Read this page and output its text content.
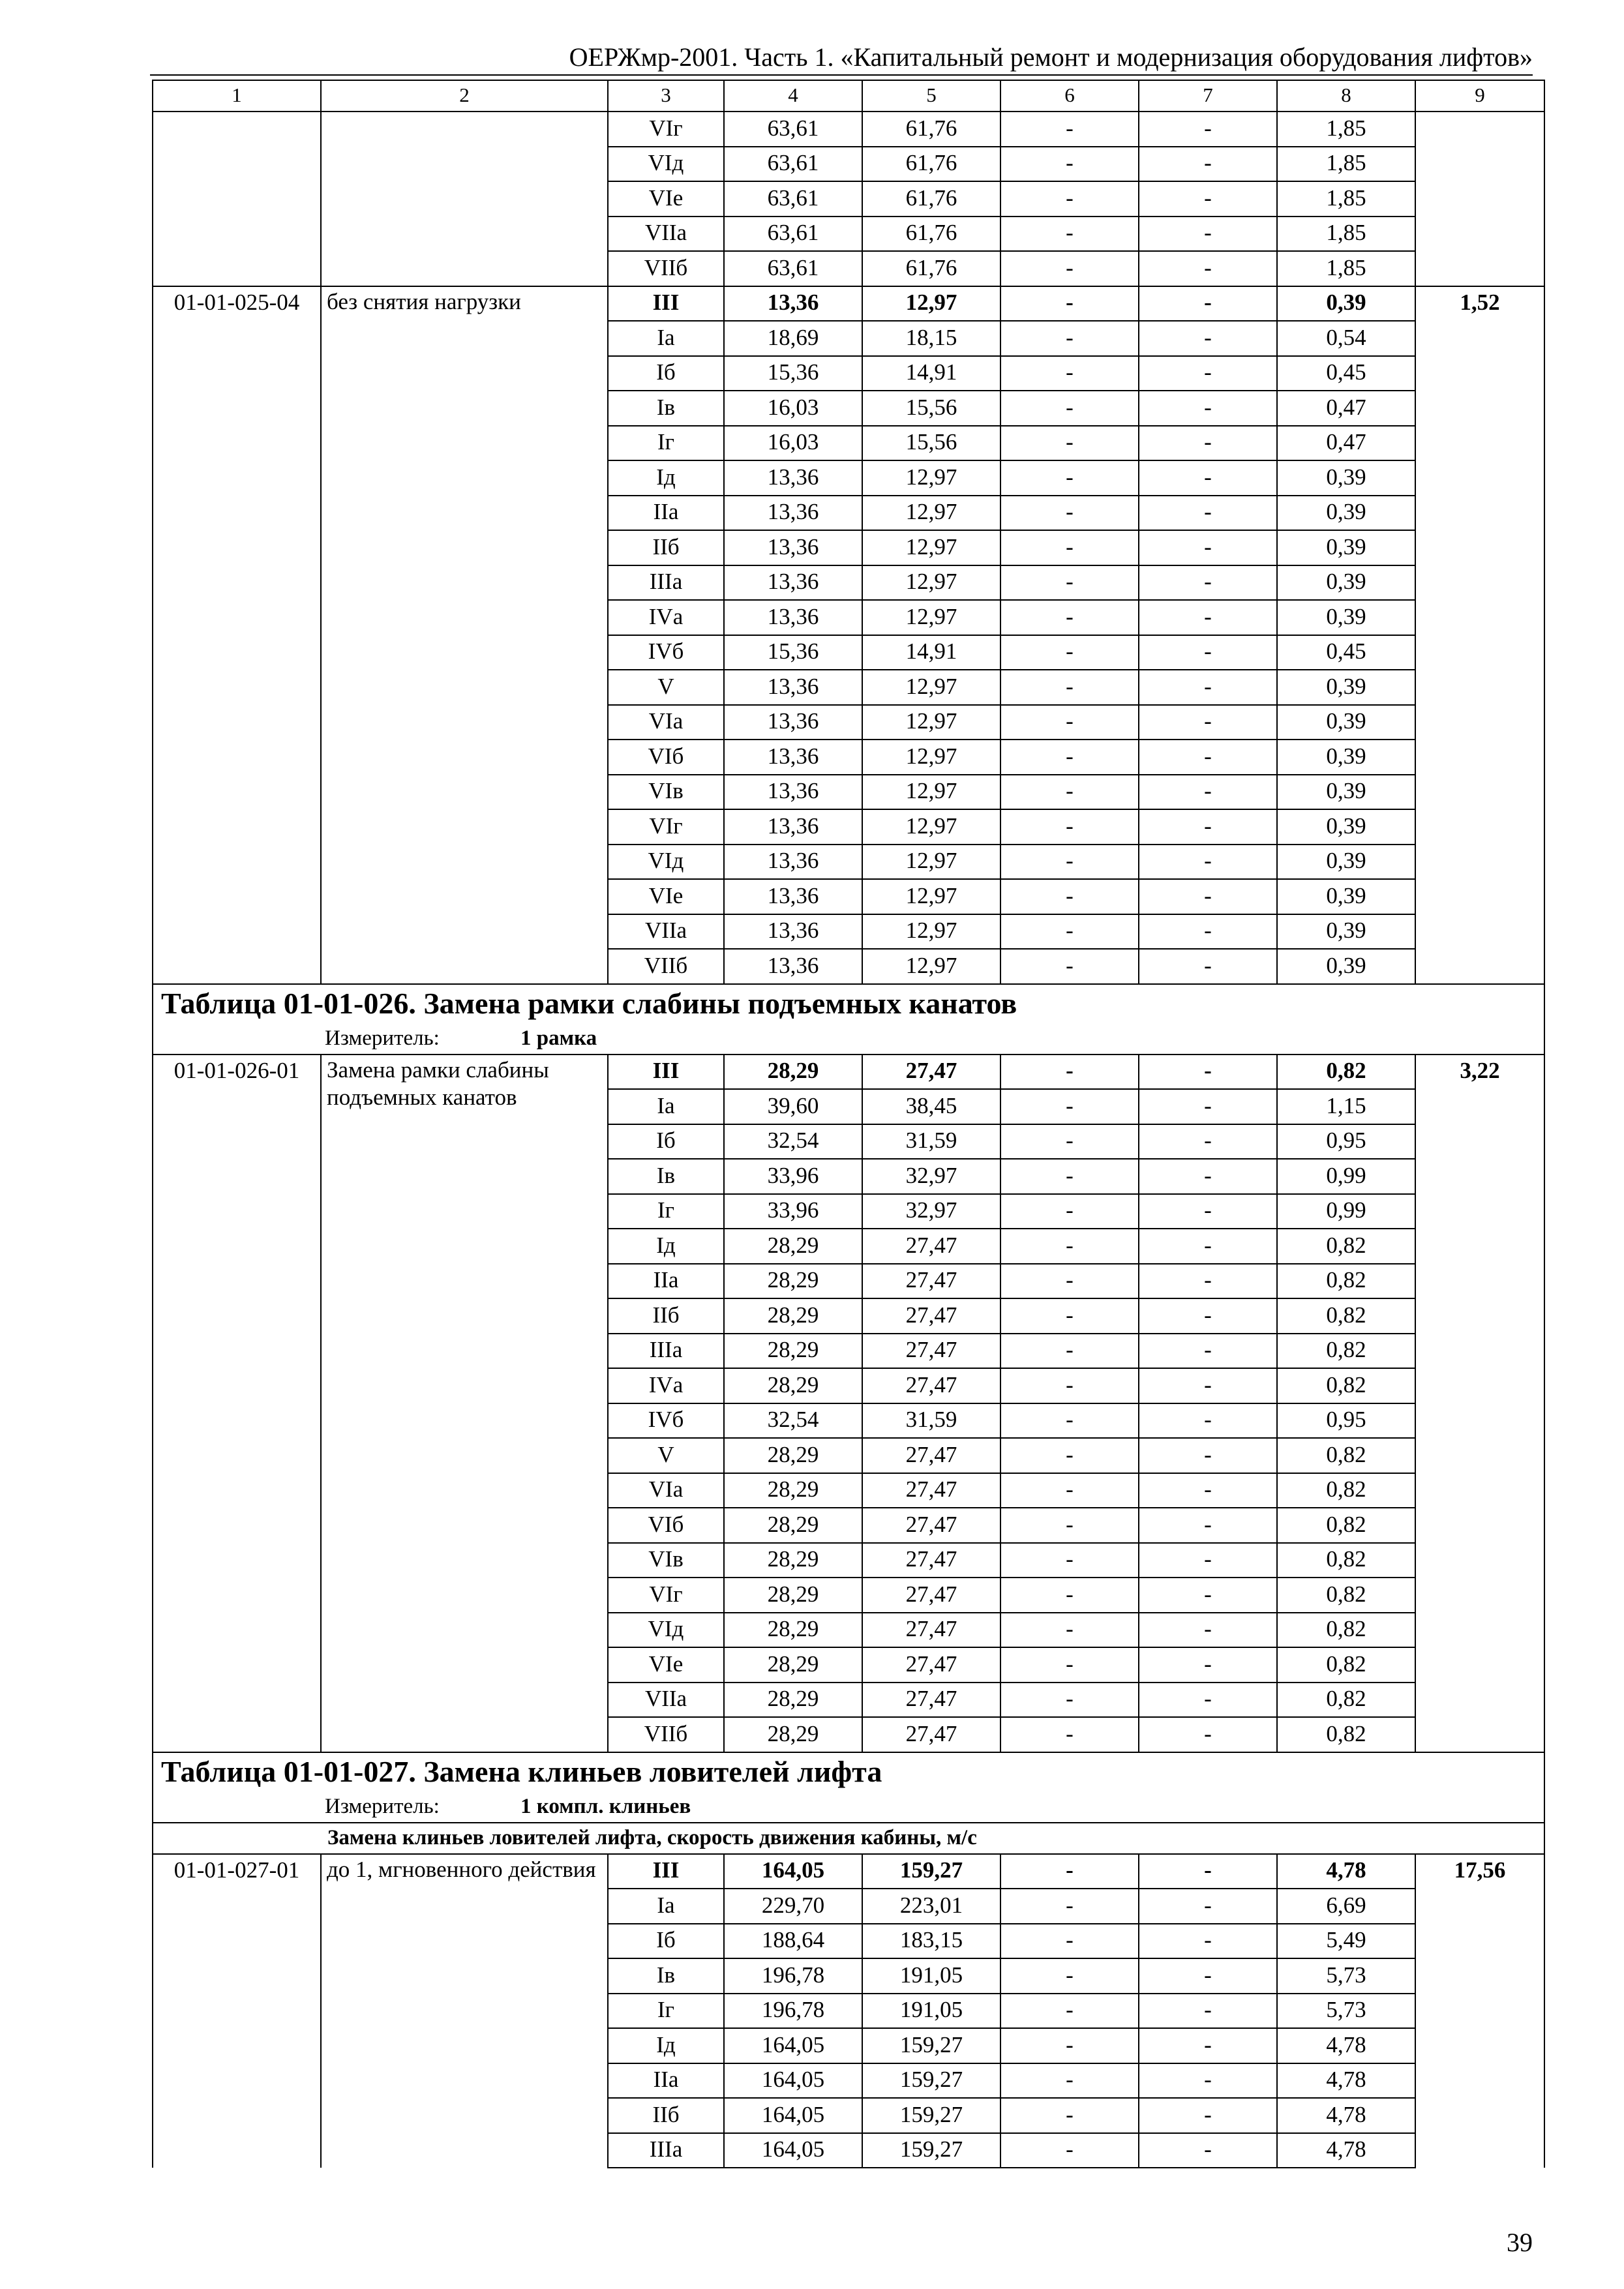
ОЕРЖмр-2001. Часть 1. «Капитальный ремонт и модернизация оборудования лифтов»
1	2	3	4	5	6	7	8	9
		VIг	63,61	61,76	-	-	1,85	
		VIд	63,61	61,76	-	-	1,85	
		VIе	63,61	61,76	-	-	1,85	
		VIIа	63,61	61,76	-	-	1,85	
		VIIб	63,61	61,76	-	-	1,85	
01-01-025-04	без снятия нагрузки	III	13,36	12,97	-	-	0,39	1,52
		Iа	18,69	18,15	-	-	0,54	
		Iб	15,36	14,91	-	-	0,45	
		Iв	16,03	15,56	-	-	0,47	
		Iг	16,03	15,56	-	-	0,47	
		Iд	13,36	12,97	-	-	0,39	
		IIа	13,36	12,97	-	-	0,39	
		IIб	13,36	12,97	-	-	0,39	
		IIIа	13,36	12,97	-	-	0,39	
		IVа	13,36	12,97	-	-	0,39	
		IVб	15,36	14,91	-	-	0,45	
		V	13,36	12,97	-	-	0,39	
		VIа	13,36	12,97	-	-	0,39	
		VIб	13,36	12,97	-	-	0,39	
		VIв	13,36	12,97	-	-	0,39	
		VIг	13,36	12,97	-	-	0,39	
		VIд	13,36	12,97	-	-	0,39	
		VIе	13,36	12,97	-	-	0,39	
		VIIа	13,36	12,97	-	-	0,39	
		VIIб	13,36	12,97	-	-	0,39	
Таблица 01-01-026. Замена рамки слабины подъемных канатов								
Измеритель: 1 рамка								
01-01-026-01	Замена рамки слабины подъемных канатов	III	28,29	27,47	-	-	0,82	3,22
		Iа	39,60	38,45	-	-	1,15	
		Iб	32,54	31,59	-	-	0,95	
		Iв	33,96	32,97	-	-	0,99	
		Iг	33,96	32,97	-	-	0,99	
		Iд	28,29	27,47	-	-	0,82	
		IIа	28,29	27,47	-	-	0,82	
		IIб	28,29	27,47	-	-	0,82	
		IIIа	28,29	27,47	-	-	0,82	
		IVа	28,29	27,47	-	-	0,82	
		IVб	32,54	31,59	-	-	0,95	
		V	28,29	27,47	-	-	0,82	
		VIа	28,29	27,47	-	-	0,82	
		VIб	28,29	27,47	-	-	0,82	
		VIв	28,29	27,47	-	-	0,82	
		VIг	28,29	27,47	-	-	0,82	
		VIд	28,29	27,47	-	-	0,82	
		VIе	28,29	27,47	-	-	0,82	
		VIIа	28,29	27,47	-	-	0,82	
		VIIб	28,29	27,47	-	-	0,82	
Таблица 01-01-027. Замена клиньев ловителей лифта								
Измеритель: 1 компл. клиньев								
Замена клиньев ловителей лифта, скорость движения кабины, м/с								
01-01-027-01	до 1, мгновенного действия	III	164,05	159,27	-	-	4,78	17,56
		Iа	229,70	223,01	-	-	6,69	
		Iб	188,64	183,15	-	-	5,49	
		Iв	196,78	191,05	-	-	5,73	
		Iг	196,78	191,05	-	-	5,73	
		Iд	164,05	159,27	-	-	4,78	
		IIа	164,05	159,27	-	-	4,78	
		IIб	164,05	159,27	-	-	4,78	
		IIIа	164,05	159,27	-	-	4,78	
39
